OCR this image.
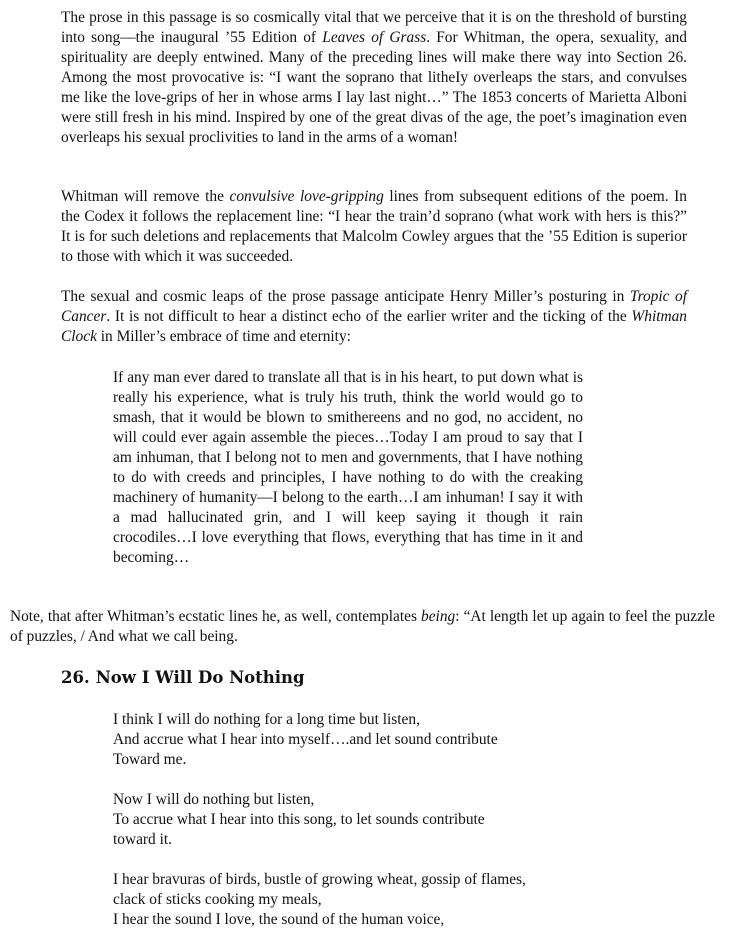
The prose in this passage is so cosmically vital that we perceive that it is on the threshold of bursting into song—the inaugural ’55 Edition of Leaves of Grass. For Whitman, the opera, sexuality, and spirituality are deeply entwined. Many of the preceding lines will make there way into Section 26. Among the most provocative is: “I want the soprano that litheIy overleaps the stars, and convulses me like the love-grips of her in whose arms I lay last night…” The 1853 concerts of Marietta Alboni were still fresh in his mind. Inspired by one of the great divas of the age, the poet’s imagination even overleaps his sexual proclivities to land in the arms of a woman!

Whitman will remove the convulsive love-gripping lines from subsequent editions of the poem. In the Codex it follows the replacement line: “I hear the train’d soprano (what work with hers is this?” It is for such deletions and replacements that Malcolm Cowley argues that the ’55 Edition is superior to those with which it was succeeded.

The sexual and cosmic leaps of the prose passage anticipate Henry Miller’s posturing in Tropic of Cancer. It is not difficult to hear a distinct echo of the earlier writer and the ticking of the Whitman Clock in Miller’s embrace of time and eternity:

If any man ever dared to translate all that is in his heart, to put down what is really his experience, what is truly his truth, think the world would go to smash, that it would be blown to smithereens and no god, no accident, no will could ever again assemble the pieces…Today I am proud to say that I am inhuman, that I belong not to men and governments, that I have nothing to do with creeds and principles, I have nothing to do with the creaking machinery of humanity—I belong to the earth…I am inhuman! I say it with a mad hallucinated grin, and I will keep saying it though it rain crocodiles…I love everything that flows, everything that has time in it and becoming…

Note, that after Whitman’s ecstatic lines he, as well, contemplates being: “At length let up again to feel the puzzle of puzzles, / And what we call being.

26. Now I Will Do Nothing
I think I will do nothing for a long time but listen,
And accrue what I hear into myself….and let sound contribute
Toward me.
Now I will do nothing but listen,
To accrue what I hear into this song, to let sounds contribute
toward it.
I hear bravuras of birds, bustle of growing wheat, gossip of flames,
clack of sticks cooking my meals,
I hear the sound I love, the sound of the human voice,
